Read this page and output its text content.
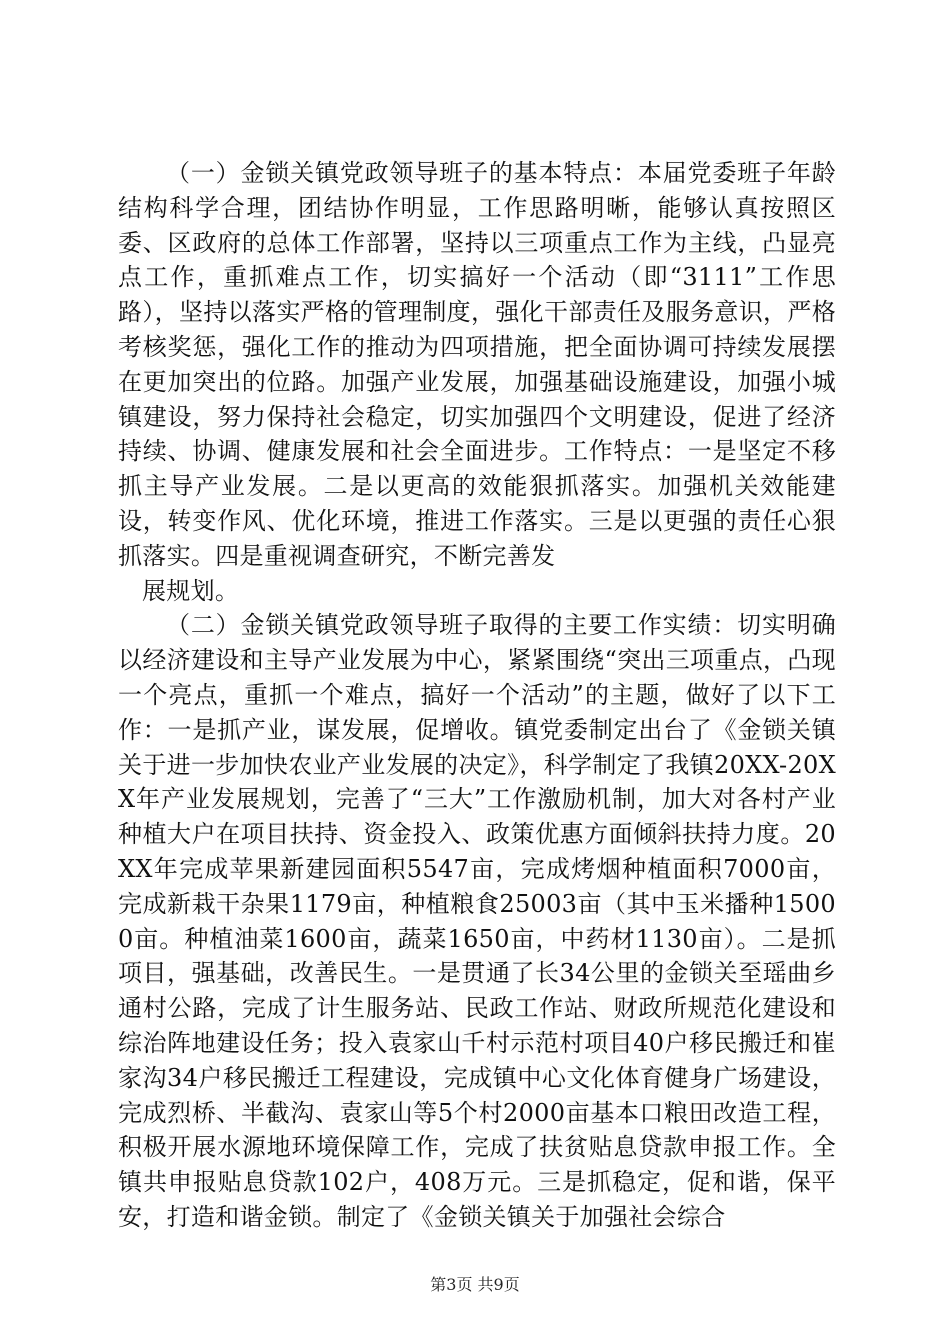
（一）金锁关镇党政领导班子的基本特点：本届党委班子年龄结构科学合理，团结协作明显，工作思路明晰，能够认真按照区委、区政府的总体工作部署，坚持以三项重点工作为主线，凸显亮点工作，重抓难点工作，切实搞好一个活动（即“3111”工作思路），坚持以落实严格的管理制度，强化干部责任及服务意识，严格考核奖惩，强化工作的推动为四项措施，把全面协调可持续发展摆在更加突出的位路。加强产业发展，加强基础设施建设，加强小城镇建设，努力保持社会稳定，切实加强四个文明建设，促进了经济持续、协调、健康发展和社会全面进步。工作特点：一是坚定不移抓主导产业发展。二是以更高的效能狠抓落实。加强机关效能建设，转变作风、优化环境，推进工作落实。三是以更强的责任心狠抓落实。四是重视调查研究，不断完善发

展规划。

（二）金锁关镇党政领导班子取得的主要工作实绩：切实明确以经济建设和主导产业发展为中心，紧紧围绕“突出三项重点，凸现一个亮点，重抓一个难点，搞好一个活动”的主题，做好了以下工作：一是抓产业，谋发展，促增收。镇党委制定出台了《金锁关镇关于进一步加快农业产业发展的决定》，科学制定了我镇20XX-20XX年产业发展规划，完善了“三大”工作激励机制，加大对各村产业种植大户在项目扶持、资金投入、政策优惠方面倾斜扶持力度。20XX年完成苹果新建园面积5547亩，完成烤烟种植面积7000亩，完成新栽干杂果1179亩，种植粮食25003亩（其中玉米播种15000亩。种植油菜1600亩，蔬菜1650亩，中药材1130亩）。二是抓项目，强基础，改善民生。一是贯通了长34公里的金锁关至瑶曲乡通村公路，完成了计生服务站、民政工作站、财政所规范化建设和综治阵地建设任务；投入袁家山千村示范村项目40户移民搬迁和崔家沟34户移民搬迁工程建设，完成镇中心文化体育健身广场建设，完成烈桥、半截沟、袁家山等5个村2000亩基本口粮田改造工程，积极开展水源地环境保障工作，完成了扶贫贴息贷款申报工作。全镇共申报贴息贷款102户，408万元。三是抓稳定，促和谐，保平安，打造和谐金锁。制定了《金锁关镇关于加强社会综合

第3页 共9页
